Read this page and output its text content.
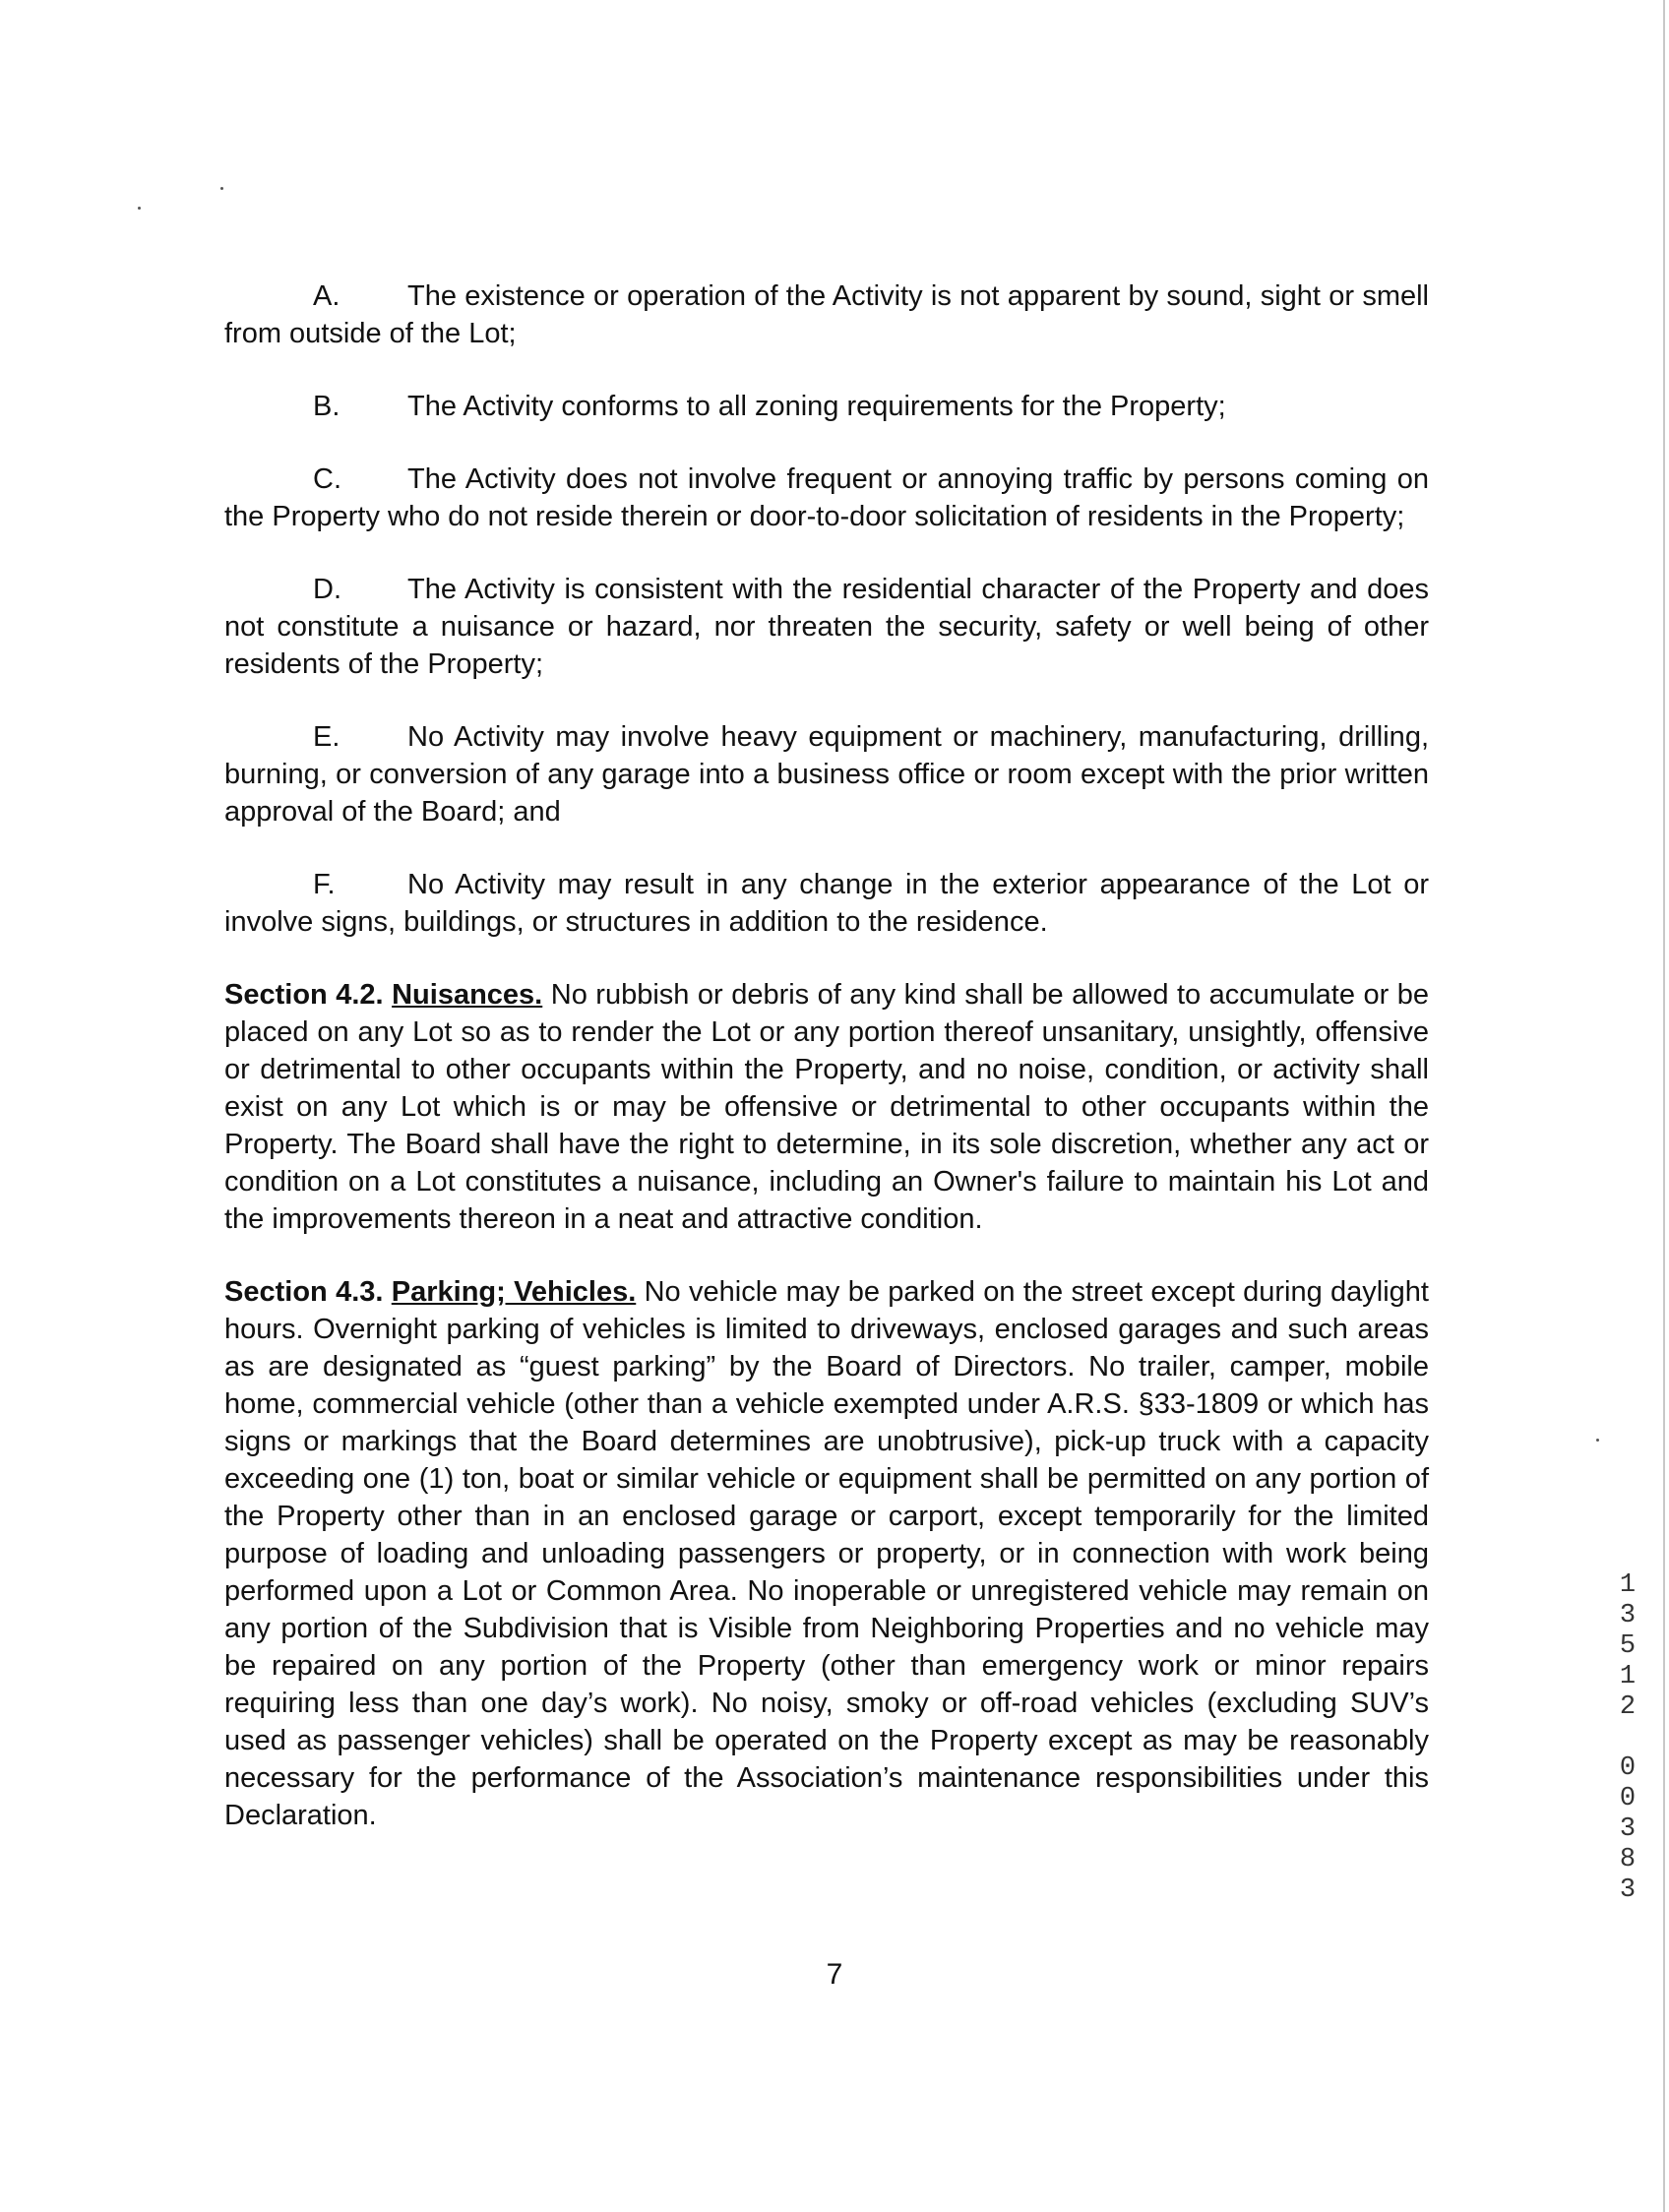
A. The existence or operation of the Activity is not apparent by sound, sight or smell from outside of the Lot;
B. The Activity conforms to all zoning requirements for the Property;
C. The Activity does not involve frequent or annoying traffic by persons coming on the Property who do not reside therein or door-to-door solicitation of residents in the Property;
D. The Activity is consistent with the residential character of the Property and does not constitute a nuisance or hazard, nor threaten the security, safety or well being of other residents of the Property;
E. No Activity may involve heavy equipment or machinery, manufacturing, drilling, burning, or conversion of any garage into a business office or room except with the prior written approval of the Board; and
F.	No Activity may result in any change in the exterior appearance of the Lot or involve signs, buildings, or structures in addition to the residence.
Section 4.2. Nuisances. No rubbish or debris of any kind shall be allowed to accumulate or be placed on any Lot so as to render the Lot or any portion thereof unsanitary, unsightly, offensive or detrimental to other occupants within the Property, and no noise, condition, or activity shall exist on any Lot which is or may be offensive or detrimental to other occupants within the Property. The Board shall have the right to determine, in its sole discretion, whether any act or condition on a Lot constitutes a nuisance, including an Owner's failure to maintain his Lot and the improvements thereon in a neat and attractive condition.
Section 4.3. Parking; Vehicles. No vehicle may be parked on the street except during daylight hours. Overnight parking of vehicles is limited to driveways, enclosed garages and such areas as are designated as “guest parking” by the Board of Directors. No trailer, camper, mobile home, commercial vehicle (other than a vehicle exempted under A.R.S. §33-1809 or which has signs or markings that the Board determines are unobtrusive), pick-up truck with a capacity exceeding one (1) ton, boat or similar vehicle or equipment shall be permitted on any portion of the Property other than in an enclosed garage or carport, except temporarily for the limited purpose of loading and unloading passengers or property, or in connection with work being performed upon a Lot or Common Area. No inoperable or unregistered vehicle may remain on any portion of the Subdivision that is Visible from Neighboring Properties and no vehicle may be repaired on any portion of the Property (other than emergency work or minor repairs requiring less than one day’s work). No noisy, smoky or off-road vehicles (excluding SUV’s used as passenger vehicles) shall be operated on the Property except as may be reasonably necessary for the performance of the Association’s maintenance responsibilities under this Declaration.
7
1
3
5
1
2
0
0
3
8
3
